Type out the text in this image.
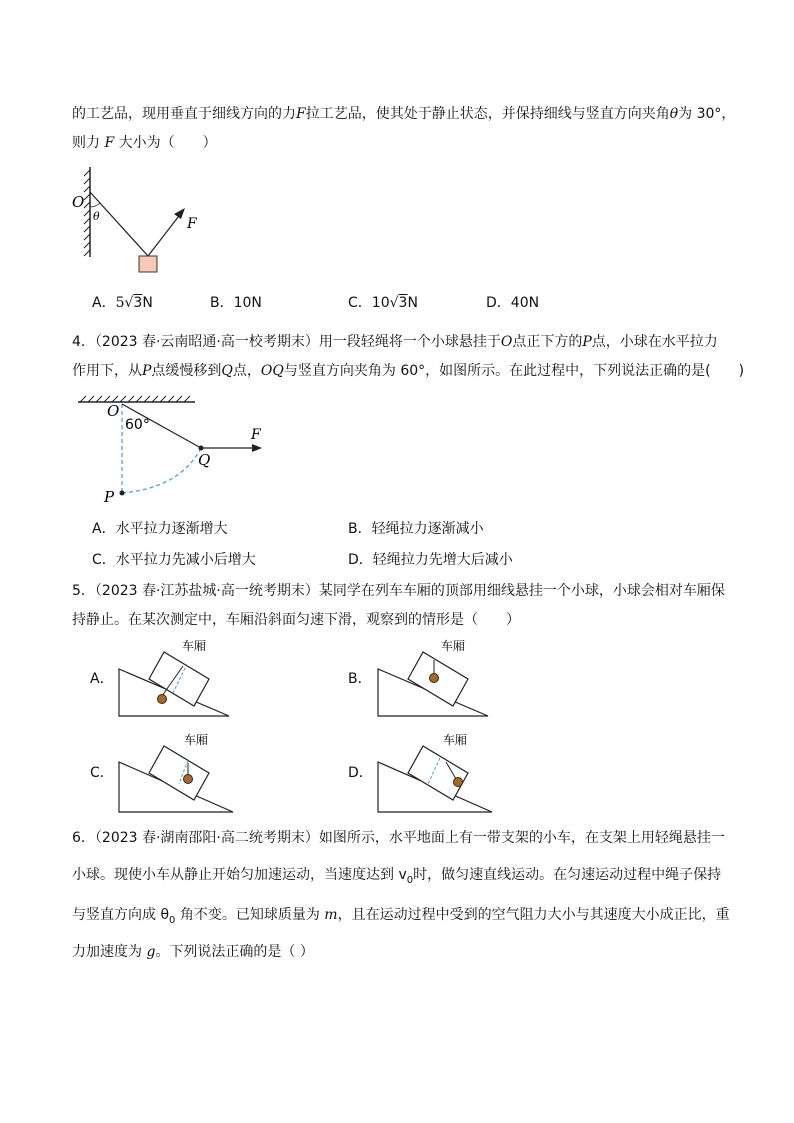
的工艺品，现用垂直于细线方向的力F拉工艺品，使其处于静止状态，并保持细线与竖直方向夹角θ为 30°，
则力 F 大小为（　　）
O
θ	F
A．5√3N	B．10N	C．10√3N	D．40N
4．（2023 春·云南昭通·高一校考期末）用一段轻绳将一个小球悬挂于O点正下方的P点，小球在水平拉力
作用下，从P点缓慢移到Q点，OQ与竖直方向夹角为 60°，如图所示。在此过程中，下列说法正确的是(　　)
O
60°
F
Q
P
A．水平拉力逐渐增大	B．轻绳拉力逐渐减小
C．水平拉力先减小后增大	D．轻绳拉力先增大后减小
5．（2023 春·江苏盐城·高一统考期末）某同学在列车车厢的顶部用细线悬挂一个小球，小球会相对车厢保
持静止。在某次测定中，车厢沿斜面匀速下滑，观察到的情形是（　　）
A．	B．
C．	D．
车厢	车厢
车厢	车厢
6．（2023 春·湖南邵阳·高二统考期末）如图所示，水平地面上有一带支架的小车，在支架上用轻绳悬挂一
小球。现使小车从静止开始匀加速运动，当速度达到 $v_0$时，做匀速直线运动。在匀速运动过程中绳子保持
与竖直方向成 $\theta_0$ 角不变。已知球质量为 m，且在运动过程中受到的空气阻力大小与其速度大小成正比，重
力加速度为 g。下列说法正确的是（ ）
